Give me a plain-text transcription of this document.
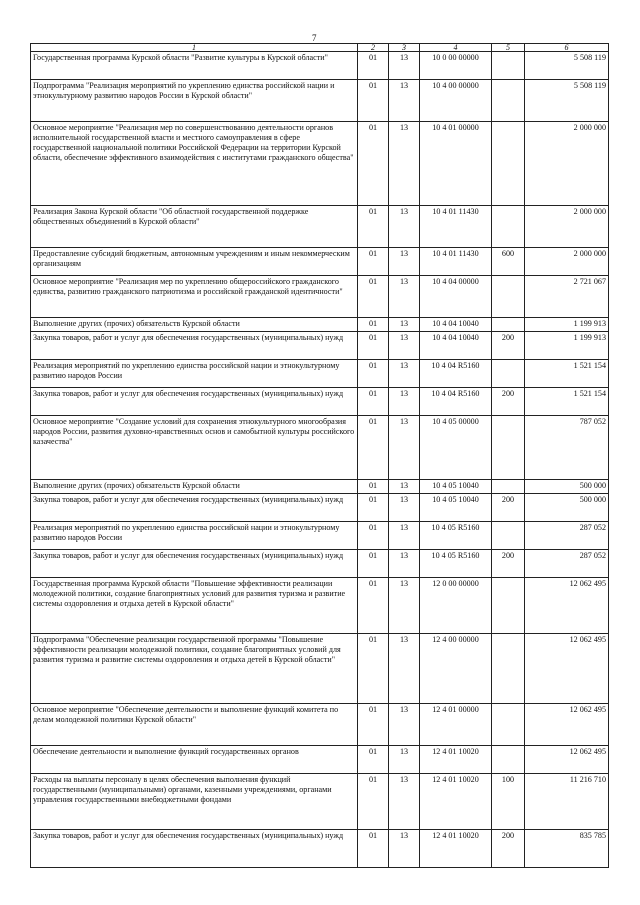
7
1	2	3	4	5	6
Государственная программа Курской области "Развитие культуры в Курской области"	01	13	10 0 00 00000		5 508 119
Подпрограмма "Реализация мероприятий по укреплению единства российской нации и этнокультурному развитию народов России в Курской области"	01	13	10 4 00 00000		5 508 119
Основное мероприятие "Реализация мер по совершенствованию деятельности органов исполнительной государственной власти и местного самоуправления в сфере государственной национальной политики Российской Федерации на территории Курской области, обеспечение эффективного взаимодействия с институтами гражданского общества"	01	13	10 4 01 00000		2 000 000
Реализация Закона Курской области "Об областной государственной поддержке общественных объединений в Курской области"	01	13	10 4 01 11430		2 000 000
Предоставление субсидий бюджетным, автономным учреждениям и иным некоммерческим организациям	01	13	10 4 01 11430	600	2 000 000
Основное мероприятие "Реализация мер по укреплению общероссийского гражданского единства, развитию гражданского патриотизма и российской гражданской идентичности"	01	13	10 4 04 00000		2 721 067
Выполнение других (прочих) обязательств Курской области	01	13	10 4 04 10040		1 199 913
Закупка товаров, работ и услуг для обеспечения государственных (муниципальных) нужд	01	13	10 4 04 10040	200	1 199 913
Реализация мероприятий по укреплению единства российской нации и этнокультурному развитию народов России	01	13	10 4 04 R5160		1 521 154
Закупка товаров, работ и услуг для обеспечения государственных (муниципальных) нужд	01	13	10 4 04 R5160	200	1 521 154
Основное мероприятие "Создание условий для сохранения этнокультурного многообразия народов России, развития духовно-нравственных основ и самобытной культуры российского казачества"	01	13	10 4 05 00000		787 052
Выполнение других (прочих) обязательств Курской области	01	13	10 4 05 10040		500 000
Закупка товаров, работ и услуг для обеспечения государственных (муниципальных) нужд	01	13	10 4 05 10040	200	500 000
Реализация мероприятий по укреплению единства российской нации и этнокультурному развитию народов России	01	13	10 4 05 R5160		287 052
Закупка товаров, работ и услуг для обеспечения государственных (муниципальных) нужд	01	13	10 4 05 R5160	200	287 052
Государственная программа Курской области "Повышение эффективности реализации молодежной политики, создание благоприятных условий для развития туризма и развитие системы оздоровления и отдыха детей в Курской области"	01	13	12 0 00 00000		12 062 495
Подпрограмма "Обеспечение реализации государственной программы "Повышение эффективности реализации молодежной политики, создание благоприятных условий для развития туризма и развитие системы оздоровления и отдыха детей в Курской области"	01	13	12 4 00 00000		12 062 495
Основное мероприятие "Обеспечение деятельности и выполнение функций комитета по делам молодежной политики Курской области"	01	13	12 4 01 00000		12 062 495
Обеспечение деятельности и выполнение функций государственных органов	01	13	12 4 01 10020		12 062 495
Расходы на выплаты персоналу в целях обеспечения выполнения функций государственными (муниципальными) органами, казенными учреждениями, органами управления государственными внебюджетными фондами	01	13	12 4 01 10020	100	11 216 710
Закупка товаров, работ и услуг для обеспечения государственных (муниципальных) нужд	01	13	12 4 01 10020	200	835 785
